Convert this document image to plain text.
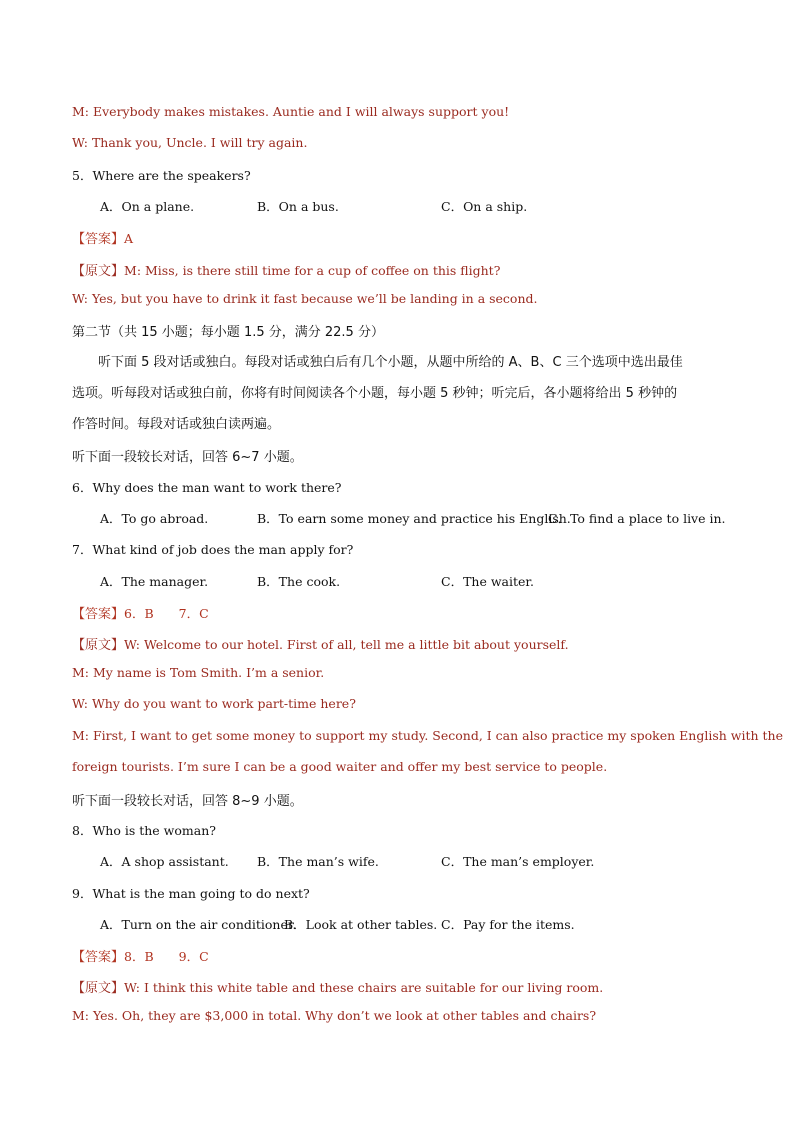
M: Everybody makes mistakes. Auntie and I will always support you!
W: Thank you, Uncle. I will try again.
5．Where are the speakers?
A．On a plane.	B．On a bus.	C．On a ship.
【答案】A
【原文】M: Miss, is there still time for a cup of coffee on this flight?
W: Yes, but you have to drink it fast because we’ll be landing in a second.
第二节（共 15 小题；每小题 1.5 分，满分 22.5 分）
听下面 5 段对话或独白。每段对话或独白后有几个小题，从题中所给的 A、B、C 三个选项中选出最佳
选项。听每段对话或独白前，你将有时间阅读各个小题，每小题 5 秒钟；听完后，各小题将给出 5 秒钟的
作答时间。每段对话或独白读两遍。
听下面一段较长对话，回答 6~7 小题。
6．Why does the man want to work there?
A．To go abroad.	B．To earn some money and practice his English.
C．To find a place to live in.
7．What kind of job does the man apply for?
A．The manager.	B．The cook.	C．The waiter.
【答案】6．B　　7．C
【原文】W: Welcome to our hotel. First of all, tell me a little bit about yourself.
M: My name is Tom Smith. I’m a senior.
W: Why do you want to work part-time here?
M: First, I want to get some money to support my study. Second, I can also practice my spoken English with the
foreign tourists. I’m sure I can be a good waiter and offer my best service to people.
听下面一段较长对话，回答 8~9 小题。
8．Who is the woman?
A．A shop assistant. B．The man’s wife.	C．The man’s employer.
9．What is the man going to do next?
A．Turn on the air conditioner.
B．Look at other tables. C．Pay for the items.
【答案】8．B　　9．C
【原文】W: I think this white table and these chairs are suitable for our living room.
M: Yes. Oh, they are $3,000 in total. Why don’t we look at other tables and chairs?
